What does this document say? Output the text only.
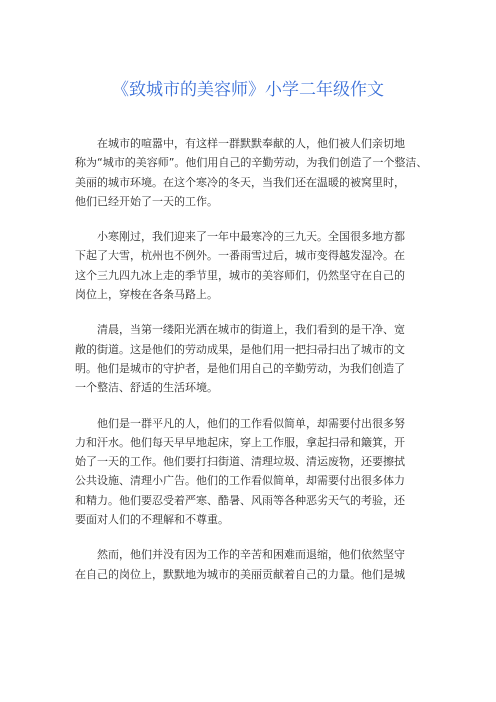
《致城市的美容师》小学二年级作文
在城市的喧嚣中，有这样一群默默奉献的人，他们被人们亲切地
称为“城市的美容师”。他们用自己的辛勤劳动，为我们创造了一个整洁、
美丽的城市环境。在这个寒冷的冬天，当我们还在温暖的被窝里时，
他们已经开始了一天的工作。
小寒刚过，我们迎来了一年中最寒冷的三九天。全国很多地方都
下起了大雪，杭州也不例外。一番雨雪过后，城市变得越发湿冷。在
这个三九四九冰上走的季节里，城市的美容师们，仍然坚守在自己的
岗位上，穿梭在各条马路上。
清晨，当第一缕阳光洒在城市的街道上，我们看到的是干净、宽
敞的街道。这是他们的劳动成果，是他们用一把扫帚扫出了城市的文
明。他们是城市的守护者，是他们用自己的辛勤劳动，为我们创造了
一个整洁、舒适的生活环境。
他们是一群平凡的人，他们的工作看似简单，却需要付出很多努
力和汗水。他们每天早早地起床，穿上工作服，拿起扫帚和簸箕，开
始了一天的工作。他们要打扫街道、清理垃圾、清运废物，还要擦拭
公共设施、清理小广告。他们的工作看似简单，却需要付出很多体力
和精力。他们要忍受着严寒、酷暑、风雨等各种恶劣天气的考验，还
要面对人们的不理解和不尊重。
然而，他们并没有因为工作的辛苦和困难而退缩，他们依然坚守
在自己的岗位上，默默地为城市的美丽贡献着自己的力量。他们是城
